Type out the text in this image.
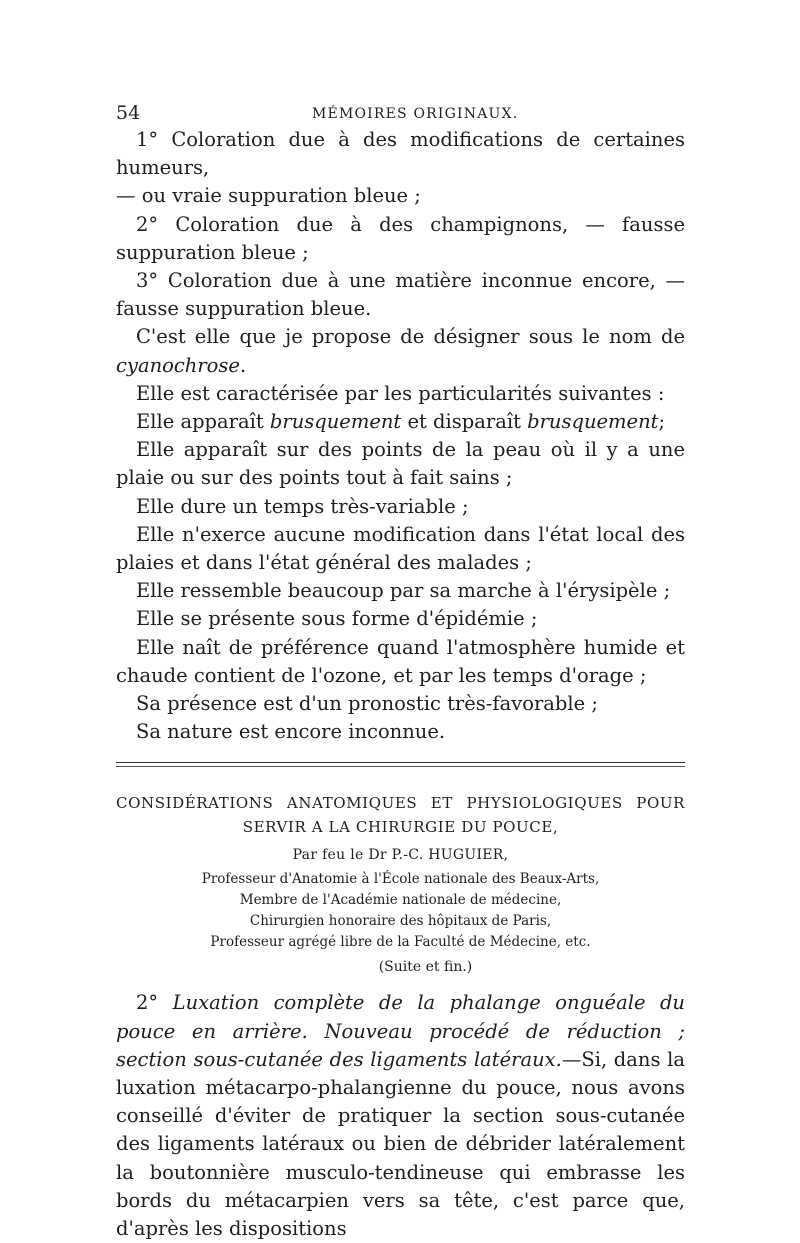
54	MÉMOIRES ORIGINAUX.

1° Coloration due à des modifications de certaines humeurs,
— ou vraie suppuration bleue ;

2° Coloration due à des champignons, — fausse suppuration bleue ;

3° Coloration due à une matière inconnue encore, — fausse suppuration bleue.

C'est elle que je propose de désigner sous le nom de cyanochrose.

Elle est caractérisée par les particularités suivantes :

Elle apparaît brusquement et disparaît brusquement;

Elle apparaît sur des points de la peau où il y a une plaie ou sur des points tout à fait sains ;

Elle dure un temps très-variable ;

Elle n'exerce aucune modification dans l'état local des plaies et dans l'état général des malades ;

Elle ressemble beaucoup par sa marche à l'érysipèle ;

Elle se présente sous forme d'épidémie ;

Elle naît de préférence quand l'atmosphère humide et chaude contient de l'ozone, et par les temps d'orage ;

Sa présence est d'un pronostic très-favorable ;

Sa nature est encore inconnue.

CONSIDÉRATIONS ANATOMIQUES ET PHYSIOLOGIQUES POUR
SERVIR A LA CHIRURGIE DU POUCE,
Par feu le Dr P.-C. HUGUIER,
Professeur d'Anatomie à l'École nationale des Beaux-Arts,
Membre de l'Académie nationale de médecine,
Chirurgien honoraire des hôpitaux de Paris,
Professeur agrégé libre de la Faculté de Médecine, etc.
(Suite et fin.)

2° Luxation complète de la phalange onguéale du pouce en arrière. Nouveau procédé de réduction ; section sous-cutanée des ligaments latéraux.—Si, dans la luxation métacarpo-phalangienne du pouce, nous avons conseillé d'éviter de pratiquer la section sous-cutanée des ligaments latéraux ou bien de débrider latéralement la boutonnière musculo-tendineuse qui embrasse les bords du métacarpien vers sa tête, c'est parce que, d'après les dispositions
